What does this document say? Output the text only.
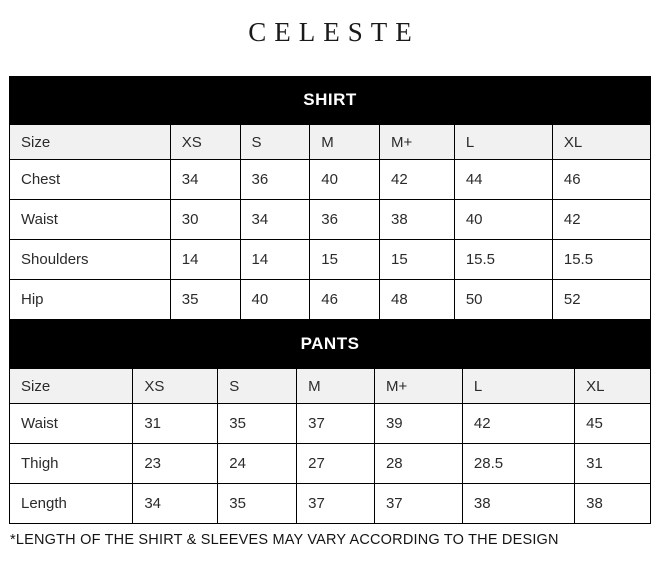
CELESTE
SHIRT
Size	XS	S	M	M+	L	XL
Chest	34	36	40	42	44	46
Waist	30	34	36	38	40	42
Shoulders	14	14	15	15	15.5	15.5
Hip	35	40	46	48	50	52
PANTS
Size	XS	S	M	M+	L	XL
Waist	31	35	37	39	42	45
Thigh	23	24	27	28	28.5	31
Length	34	35	37	37	38	38

*LENGTH OF THE SHIRT & SLEEVES MAY VARY ACCORDING TO THE DESIGN
